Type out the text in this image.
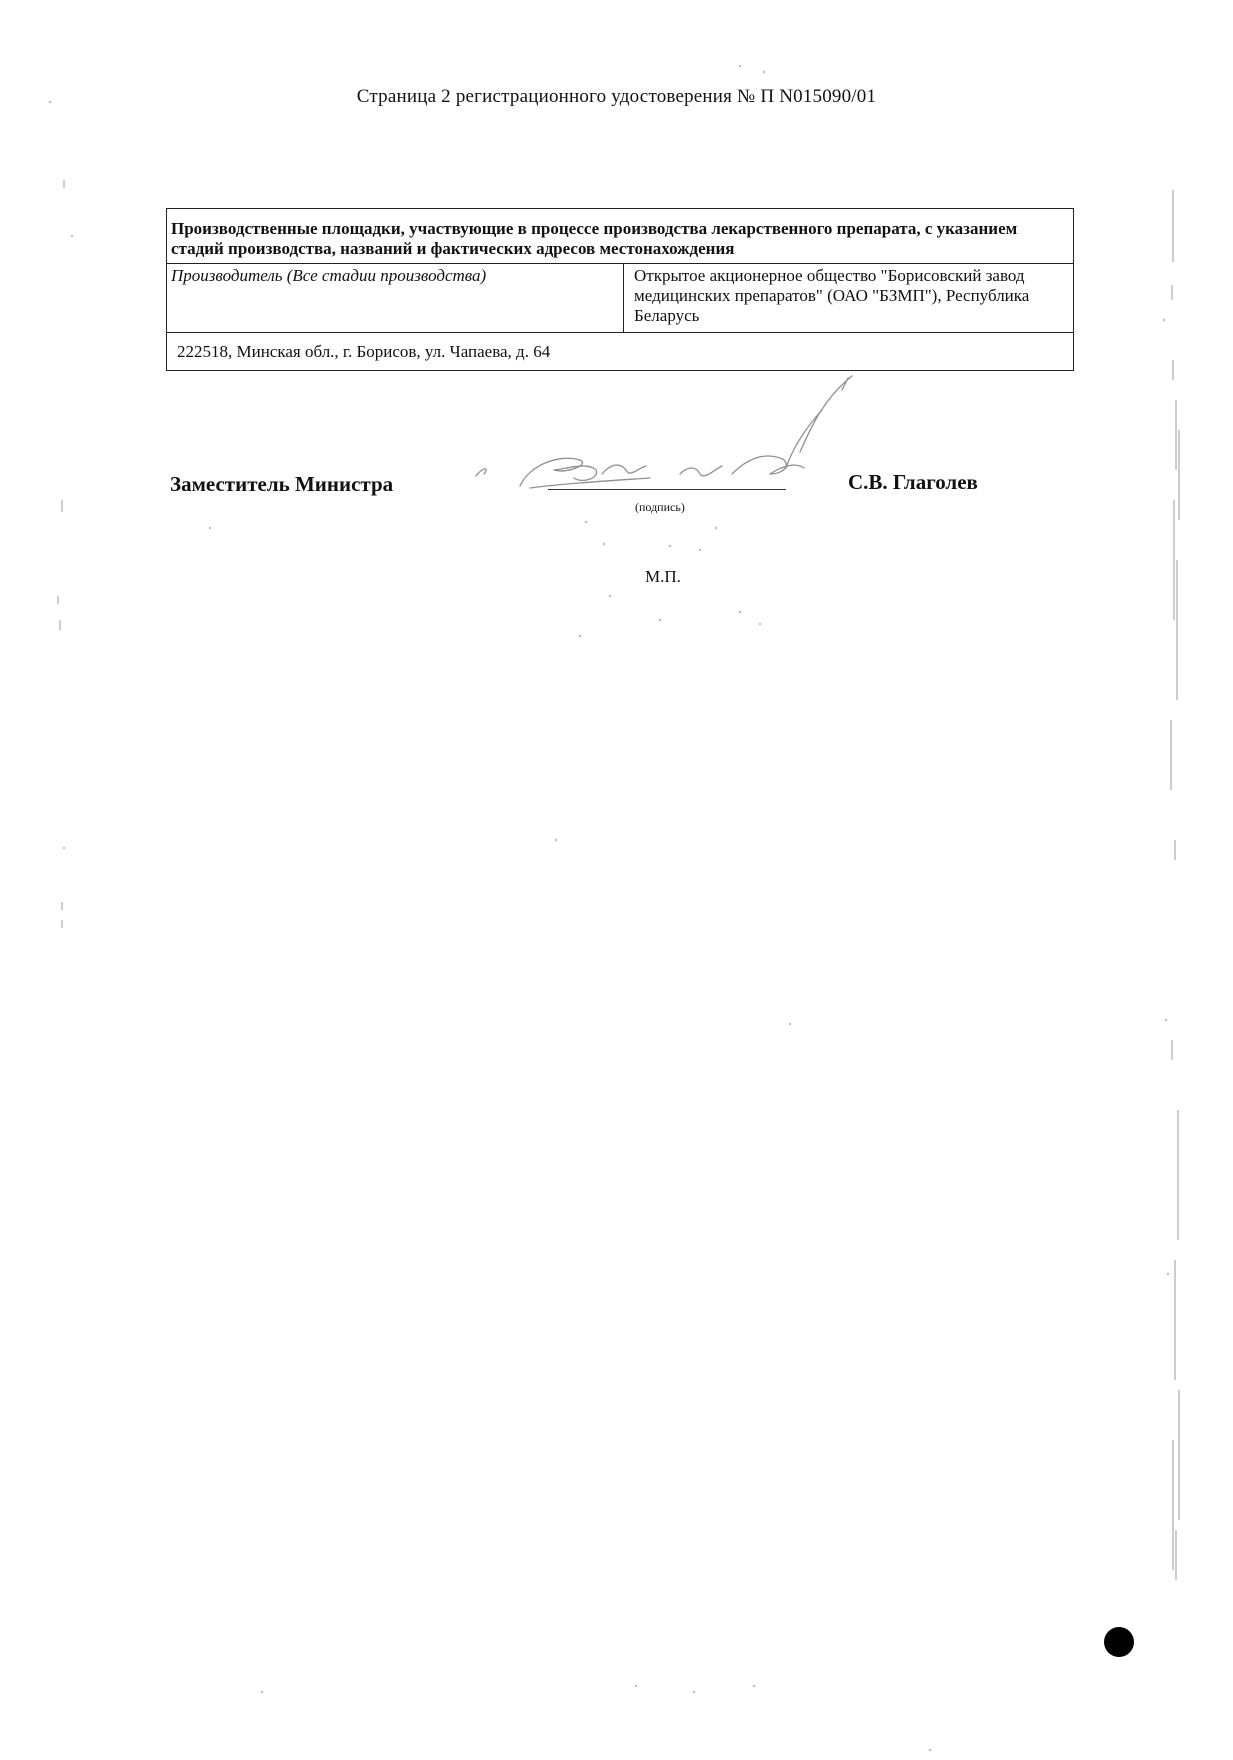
Страница 2 регистрационного удостоверения № П N015090/01
Производственные площадки, участвующие в процессе производства лекарственного препарата, с указанием стадий производства, названий и фактических адресов местонахождения
Производитель (Все стадии производства)	Открытое акционерное общество "Борисовский завод медицинских препаратов" (ОАО "БЗМП"), Республика Беларусь
222518, Минская обл., г. Борисов, ул. Чапаева, д. 64
Заместитель Министра
(подпись)
С.В. Глаголев
М.П.
